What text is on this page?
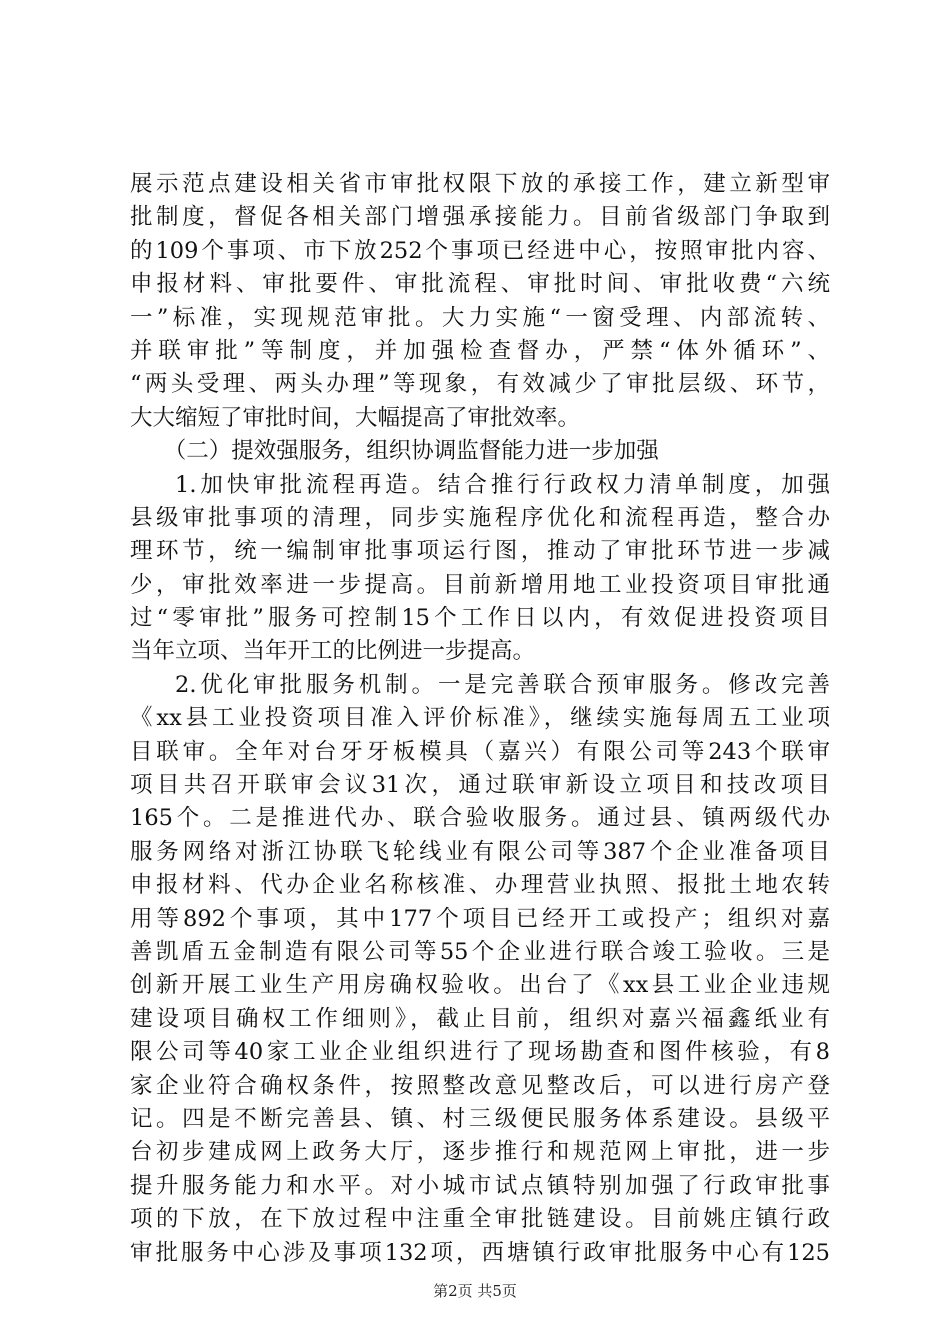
展示范点建设相关省市审批权限下放的承接工作，建立新型审
批制度，督促各相关部门增强承接能力。目前省级部门争取到
的109个事项、市下放252个事项已经进中心，按照审批内容、
申报材料、审批要件、审批流程、审批时间、审批收费“六统
一”标准，实现规范审批。大力实施“一窗受理、内部流转、
并联审批”等制度，并加强检查督办，严禁“体外循环”、
“两头受理、两头办理”等现象，有效减少了审批层级、环节，
大大缩短了审批时间，大幅提高了审批效率。
（二）提效强服务，组织协调监督能力进一步加强
1.加快审批流程再造。结合推行行政权力清单制度，加强
县级审批事项的清理，同步实施程序优化和流程再造，整合办
理环节，统一编制审批事项运行图，推动了审批环节进一步减
少，审批效率进一步提高。目前新增用地工业投资项目审批通
过“零审批”服务可控制15个工作日以内，有效促进投资项目
当年立项、当年开工的比例进一步提高。
2.优化审批服务机制。一是完善联合预审服务。修改完善
《xx县工业投资项目准入评价标准》，继续实施每周五工业项
目联审。全年对台牙牙板模具（嘉兴）有限公司等243个联审
项目共召开联审会议31次，通过联审新设立项目和技改项目
165个。二是推进代办、联合验收服务。通过县、镇两级代办
服务网络对浙江协联飞轮线业有限公司等387个企业准备项目
申报材料、代办企业名称核准、办理营业执照、报批土地农转
用等892个事项，其中177个项目已经开工或投产；组织对嘉
善凯盾五金制造有限公司等55个企业进行联合竣工验收。三是
创新开展工业生产用房确权验收。出台了《xx县工业企业违规
建设项目确权工作细则》，截止目前，组织对嘉兴福鑫纸业有
限公司等40家工业企业组织进行了现场勘查和图件核验，有8
家企业符合确权条件，按照整改意见整改后，可以进行房产登
记。四是不断完善县、镇、村三级便民服务体系建设。县级平
台初步建成网上政务大厅，逐步推行和规范网上审批，进一步
提升服务能力和水平。对小城市试点镇特别加强了行政审批事
项的下放，在下放过程中注重全审批链建设。目前姚庄镇行政
审批服务中心涉及事项132项，西塘镇行政审批服务中心有125
第2页 共5页
